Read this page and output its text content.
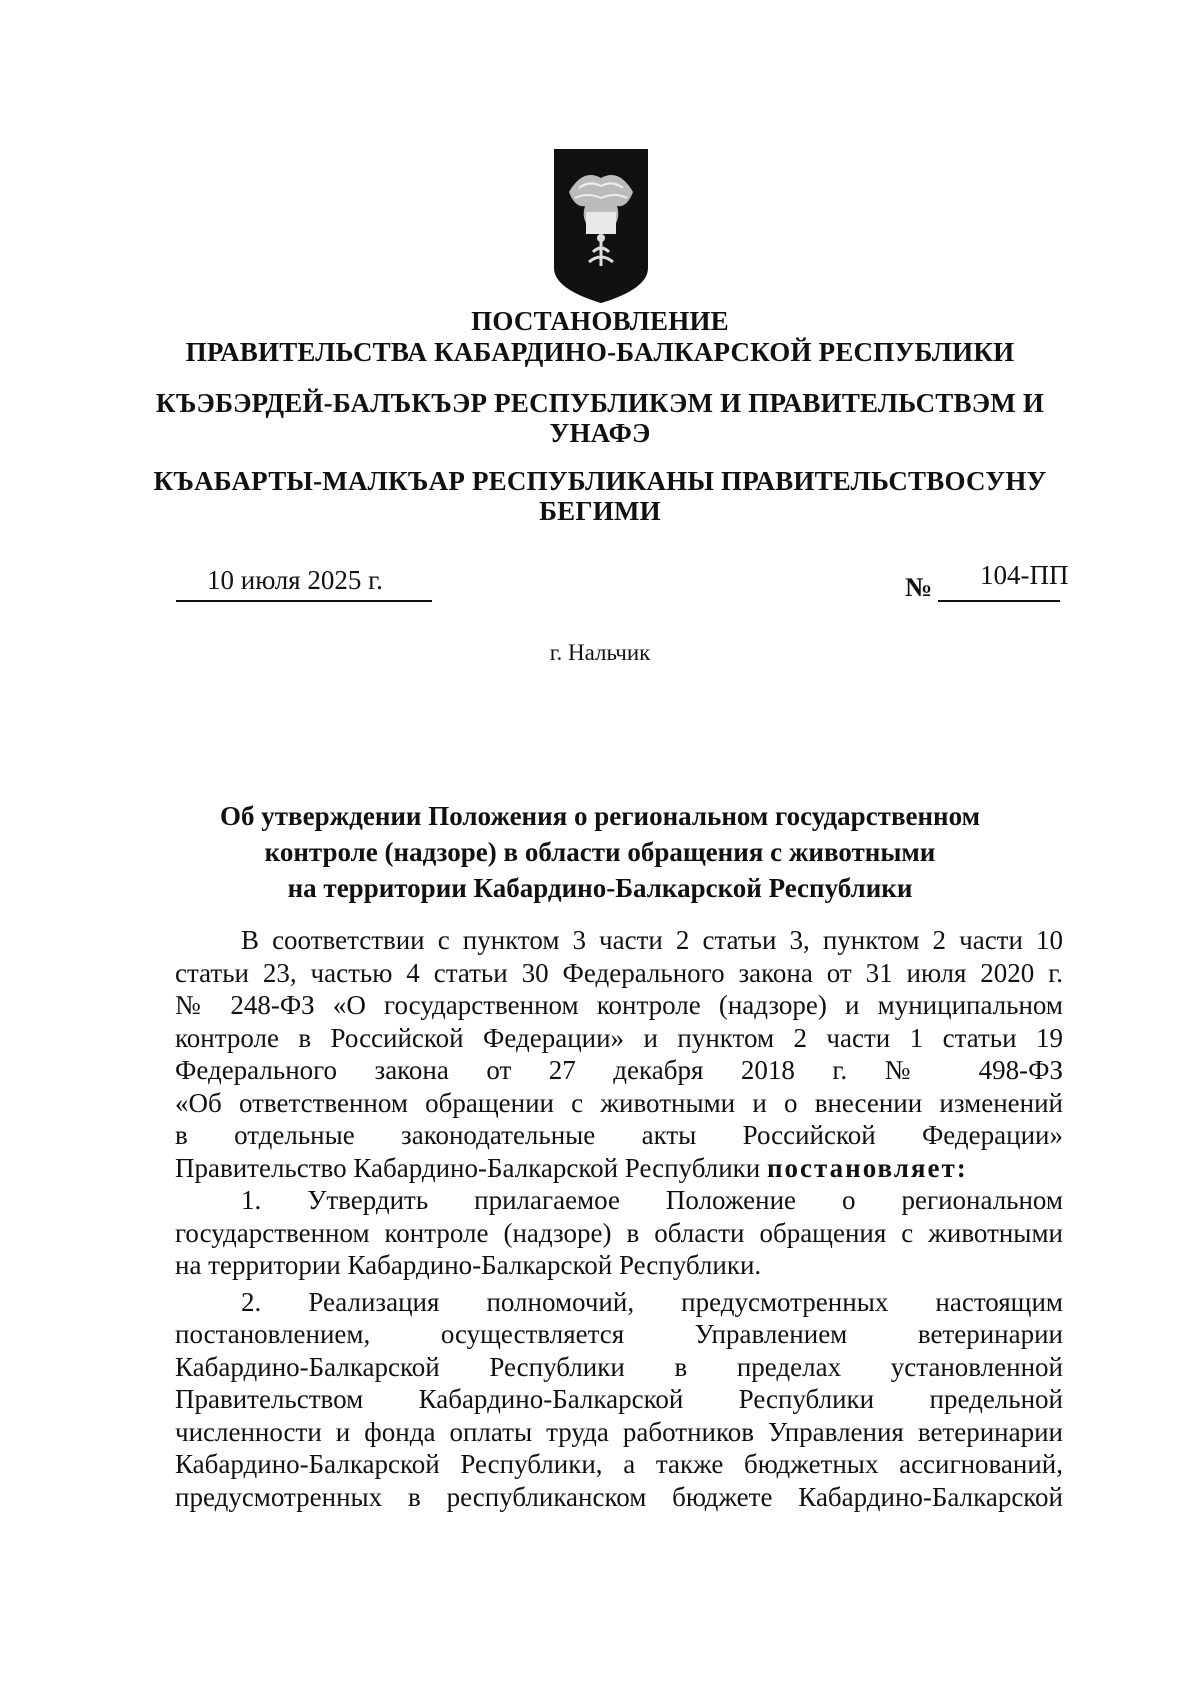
ПОСТАНОВЛЕНИЕ
ПРАВИТЕЛЬСТВА КАБАРДИНО-БАЛКАРСКОЙ РЕСПУБЛИКИ
КЪЭБЭРДЕЙ-БАЛЪКЪЭР РЕСПУБЛИКЭМ И ПРАВИТЕЛЬСТВЭМ И
УНАФЭ
КЪАБАРТЫ-МАЛКЪАР РЕСПУБЛИКАНЫ ПРАВИТЕЛЬСТВОСУНУ
БЕГИМИ
10 июля 2025 г.	№ 104-ПП
г. Нальчик
Об утверждении Положения о региональном государственном
контроле (надзоре) в области обращения с животными
на территории Кабардино-Балкарской Республики
В соответствии с пунктом 3 части 2 статьи 3, пунктом 2 части 10
статьи 23, частью 4 статьи 30 Федерального закона от 31 июля 2020 г.
№ 248-ФЗ «О государственном контроле (надзоре) и муниципальном
контроле в Российской Федерации» и пунктом 2 части 1 статьи 19
Федерального закона от 27 декабря 2018 г. № 498-ФЗ
«Об ответственном обращении с животными и о внесении изменений
в отдельные законодательные акты Российской Федерации»
Правительство Кабардино-Балкарской Республики постановляет:
1. Утвердить прилагаемое Положение о региональном
государственном контроле (надзоре) в области обращения с животными
на территории Кабардино-Балкарской Республики.
2. Реализация полномочий, предусмотренных настоящим
постановлением, осуществляется Управлением ветеринарии
Кабардино-Балкарской Республики в пределах установленной
Правительством Кабардино-Балкарской Республики предельной
численности и фонда оплаты труда работников Управления ветеринарии
Кабардино-Балкарской Республики, а также бюджетных ассигнований,
предусмотренных в республиканском бюджете Кабардино-Балкарской
